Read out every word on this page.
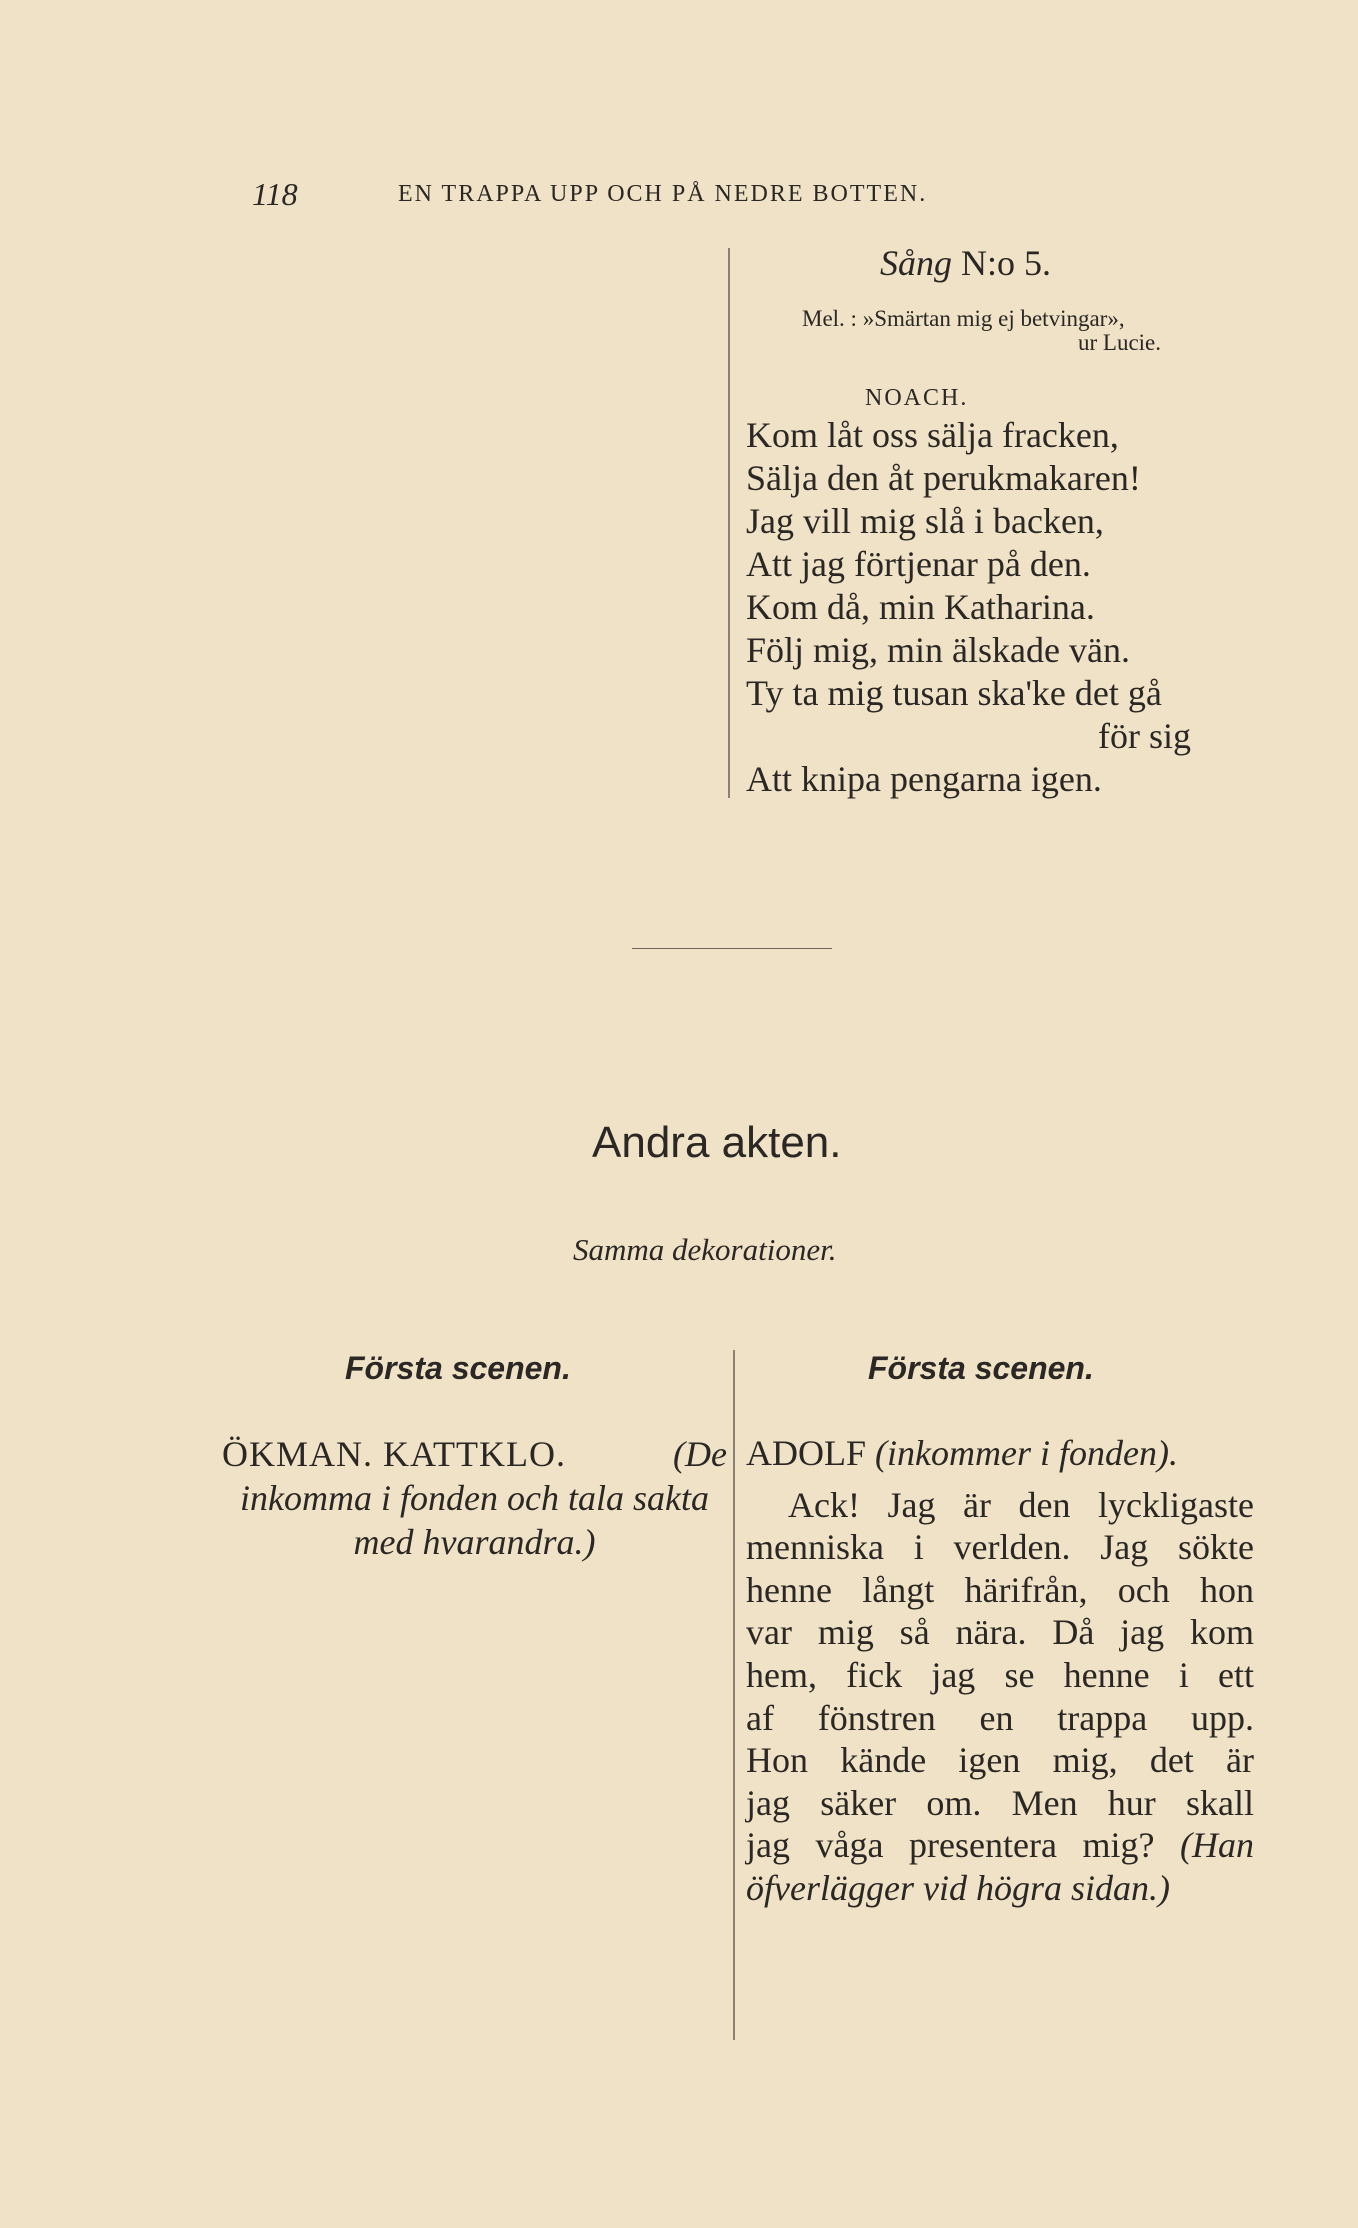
118	EN TRAPPA UPP OCH PÅ NEDRE BOTTEN.
Sång N:o 5.
Mel. : »Smärtan mig ej betvingar»,
ur Lucie.
NOACH.
Kom låt oss sälja fracken,
Sälja den åt perukmakaren!
Jag vill mig slå i backen,
Att jag förtjenar på den.
Kom då, min Katharina.
Följ mig, min älskade vän.
Ty ta mig tusan ska'ke det gå
för sig
Att knipa pengarna igen.
Andra akten.
Samma dekorationer.
Första scenen.	Första scenen.
ÖKMAN. KATTKLO.	(De
inkomma i fonden och tala sakta
med hvarandra.)
ADOLF (inkommer i fonden).
Ack! Jag är den lyckligaste
menniska i verlden. Jag sökte
henne långt härifrån, och hon
var mig så nära. Då jag kom
hem, fick jag se henne i ett
af fönstren en trappa upp.
Hon kände igen mig, det är
jag säker om. Men hur skall
jag våga presentera mig? (Han
öfverlägger vid högra sidan.)
